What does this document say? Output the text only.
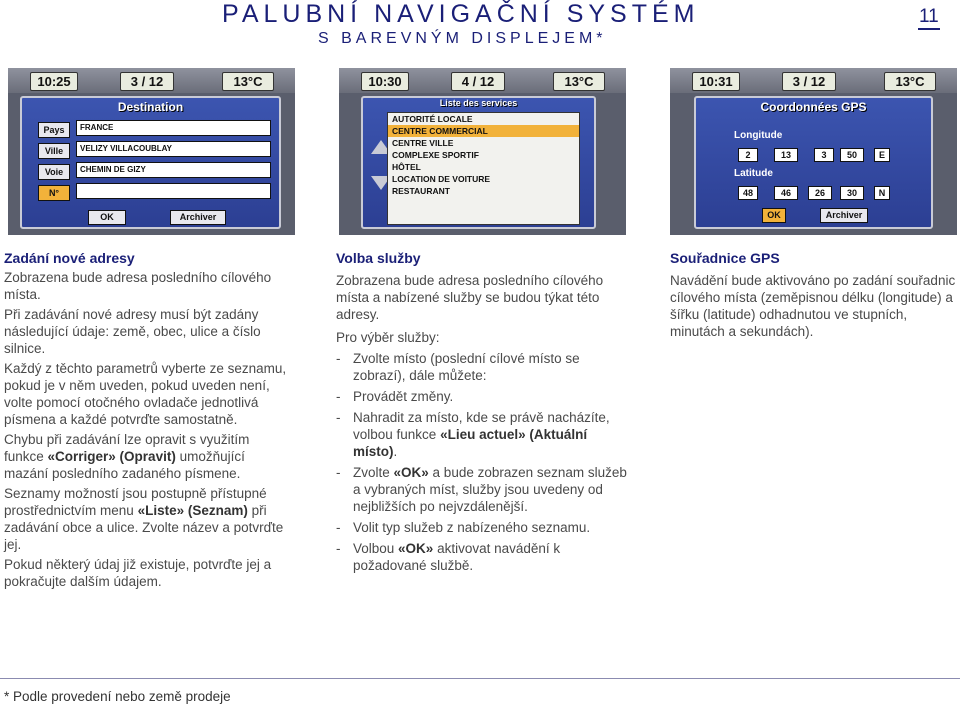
PALUBNÍ NAVIGAČNÍ SYSTÉM
S BAREVNÝM DISPLEJEM*
11
10:25	3 / 12	13°C
Destination
Pays	FRANCE
Ville	VELIZY VILLACOUBLAY
Voie	CHEMIN DE GIZY
N°
OK	Archiver
10:30	4 / 12	13°C
Liste des services
AUTORITÉ LOCALE
CENTRE COMMERCIAL
CENTRE VILLE
COMPLEXE SPORTIF
HÔTEL
LOCATION DE VOITURE
RESTAURANT
10:31	3 / 12	13°C
Coordonnées GPS
Longitude
2	13	3	50	E
Latitude
48	46	26	30	N
OK	Archiver
Zadání nové adresy

Zobrazena bude adresa posledního cílového místa.

Při zadávání nové adresy musí být zadány následující údaje: země, obec, ulice a číslo silnice.

Každý z těchto parametrů vyberte ze seznamu, pokud je v něm uveden, pokud uveden není, volte pomocí otočného ovladače jednotlivá písmena a každé potvrďte samostatně.

Chybu při zadávání lze opravit s využitím funkce «Corriger» (Opravit) umožňující mazání posledního zadaného písmene.

Seznamy možností jsou postupně přístupné prostřednictvím menu «Liste» (Seznam) při zadávání obce a ulice. Zvolte název a potvrďte jej.

Pokud některý údaj již existuje, potvrďte jej a pokračujte dalším údajem.

Volba služby

Zobrazena bude adresa posledního cílového místa a nabízené služby se budou týkat této adresy.

Pro výběr služby:

- Zvolte místo (poslední cílové místo se zobrazí), dále můžete:
- Provádět změny.
- Nahradit za místo, kde se právě nacházíte, volbou funkce «Lieu actuel» (Aktuální místo).
- Zvolte «OK» a bude zobrazen seznam služeb a vybraných míst, služby jsou uvedeny od nejbližších po nejvzdálenější.
- Volit typ služeb z nabízeného seznamu.
- Volbou «OK» aktivovat navádění k požadované službě.
Souřadnice GPS

Navádění bude aktivováno po zadání souřadnic cílového místa (zeměpisnou délku (longitude) a šířku (latitude) odhadnutou ve stupních, minutách a sekundách).

* Podle provedení nebo země prodeje
